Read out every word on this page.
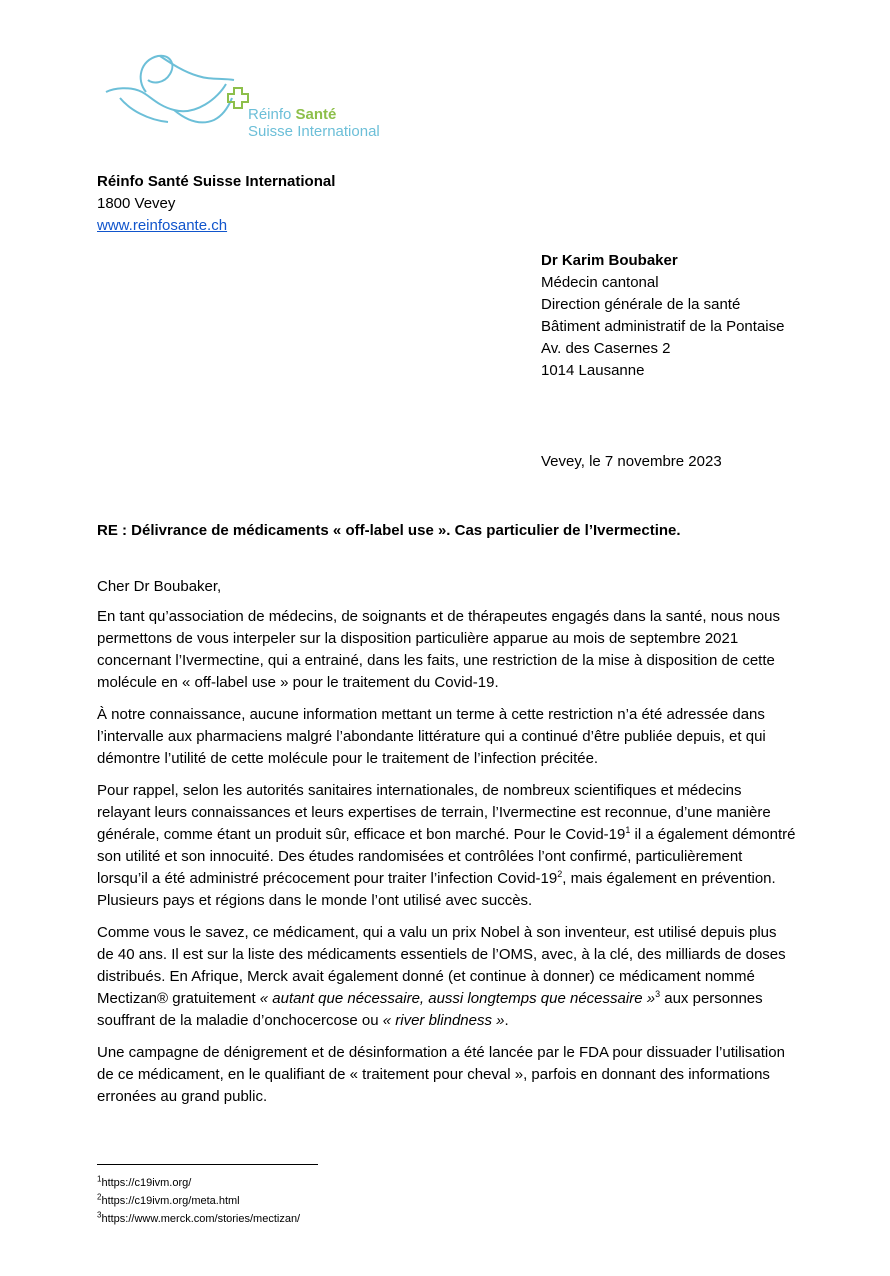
Réinfo Santé
Suisse International
Réinfo Santé Suisse International
1800 Vevey
www.reinfosante.ch
Dr Karim Boubaker
Médecin cantonal
Direction générale de la santé
Bâtiment administratif de la Pontaise
Av. des Casernes 2
1014 Lausanne
Vevey, le 7 novembre 2023
RE : Délivrance de médicaments « off-label use ». Cas particulier de l’Ivermectine.

Cher Dr Boubaker,

En tant qu’association de médecins, de soignants et de thérapeutes engagés dans la santé, nous nous permettons de vous interpeler sur la disposition particulière apparue au mois de septembre 2021 concernant l’Ivermectine, qui a entrainé, dans les faits, une restriction de la mise à disposition de cette molécule en « off-label use » pour le traitement du Covid-19.

À notre connaissance, aucune information mettant un terme à cette restriction n’a été adressée dans l’intervalle aux pharmaciens malgré l’abondante littérature qui a continué d’être publiée depuis, et qui démontre l’utilité de cette molécule pour le traitement de l’infection précitée.

Pour rappel, selon les autorités sanitaires internationales, de nombreux scientifiques et médecins relayant leurs connaissances et leurs expertises de terrain, l’Ivermectine est reconnue, d’une manière générale, comme étant un produit sûr, efficace et bon marché. Pour le Covid-$19^1$ il a également démontré son utilité et son innocuité. Des études randomisées et contrôlées l’ont confirmé, particulièrement lorsqu’il a été administré précocement pour traiter l’infection Covid-$19^2$, mais également en prévention. Plusieurs pays et régions dans le monde l’ont utilisé avec succès.

Comme vous le savez, ce médicament, qui a valu un prix Nobel à son inventeur, est utilisé depuis plus de 40 ans. Il est sur la liste des médicaments essentiels de l’OMS, avec, à la clé, des milliards de doses distribués. En Afrique, Merck avait également donné (et continue à donner) ce médicament nommé Mectizan® gratuitement « autant que nécessaire, aussi longtemps que nécessaire »$^3$ aux personnes souffrant de la maladie d’onchocercose ou « river blindness ».

Une campagne de dénigrement et de désinformation a été lancée par le FDA pour dissuader l’utilisation de ce médicament, en le qualifiant de « traitement pour cheval », parfois en donnant des informations erronées au grand public.

$^1$https://c19ivm.org/
$^2$https://c19ivm.org/meta.html
$^3$https://www.merck.com/stories/mectizan/
